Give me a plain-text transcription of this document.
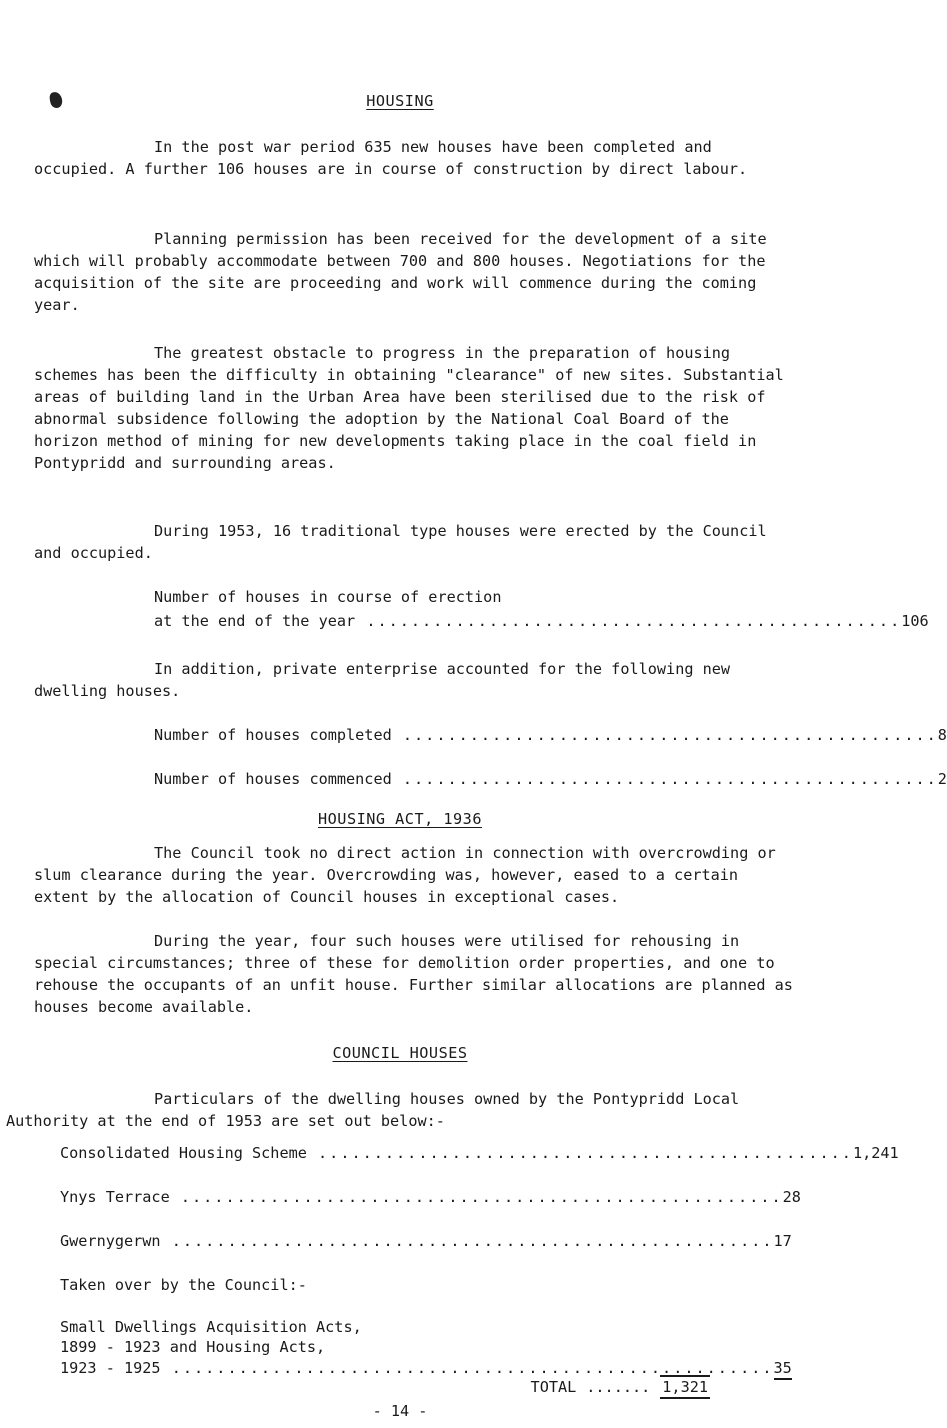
HOUSING

In the post war period 635 new houses have been completed and occupied. A further 106 houses are in course of construction by direct labour.

Planning permission has been received for the development of a site which will probably accommodate between 700 and 800 houses. Negotiations for the acquisition of the site are proceeding and work will commence during the coming year.

The greatest obstacle to progress in the preparation of housing schemes has been the difficulty in obtaining "clearance" of new sites. Substantial areas of building land in the Urban Area have been sterilised due to the risk of abnormal subsidence following the adoption by the National Coal Board of the horizon method of mining for new developments taking place in the coal field in Pontypridd and surrounding areas.

During 1953, 16 traditional type houses were erected by the Council and occupied.

Number of houses in course of erection
at the end of the year ................................................ 106

In addition, private enterprise accounted for the following new dwelling houses.

Number of houses completed ................................................ 8
Number of houses commenced ................................................ 2
HOUSING ACT, 1936

The Council took no direct action in connection with overcrowding or slum clearance during the year. Overcrowding was, however, eased to a certain extent by the allocation of Council houses in exceptional cases.

During the year, four such houses were utilised for rehousing in special circumstances; three of these for demolition order properties, and one to rehouse the occupants of an unfit house. Further similar allocations are planned as houses become available.

COUNCIL HOUSES

Particulars of the dwelling houses owned by the Pontypridd Local Authority at the end of 1953 are set out below:-

Consolidated Housing Scheme ................................................ 1,241
Ynys Terrace ...................................................... 28
Gwernygerwn ...................................................... 17
Taken over by the Council:-
Small Dwellings Acquisition Acts,
1899 - 1923 and Housing Acts,
1923 - 1925 ...................................................... 35
TOTAL ....... 1,321
- 14 -
